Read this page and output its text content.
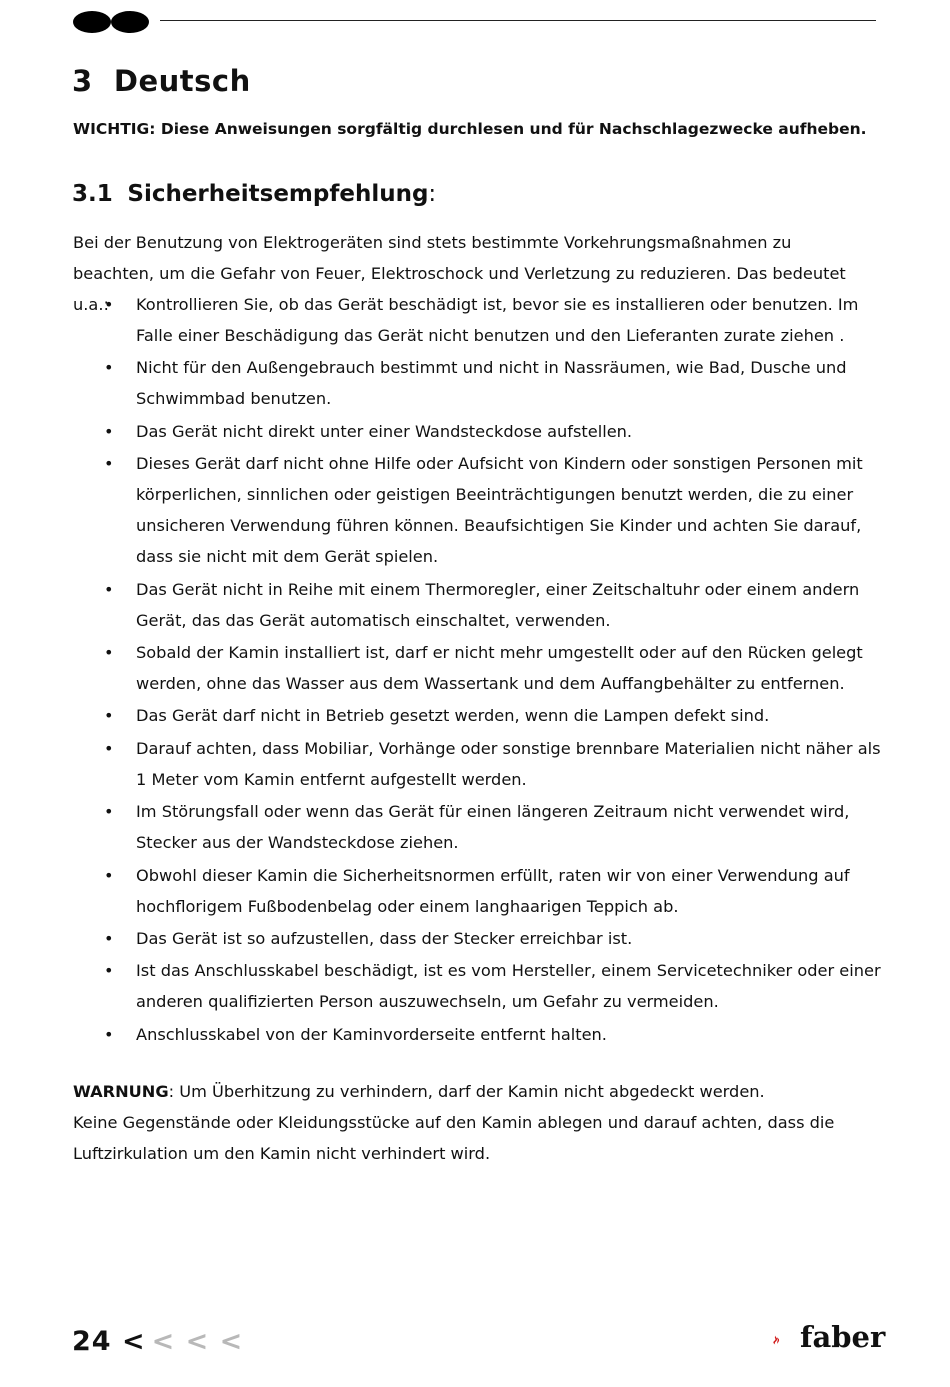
3 Deutsch

WICHTIG: Diese Anweisungen sorgfältig durchlesen und für Nachschlagezwecke aufheben.

3.1 Sicherheitsempfehlung:

Bei der Benutzung von Elektrogeräten sind stets bestimmte Vorkehrungsmaßnahmen zu beachten, um die Gefahr von Feuer, Elektroschock und Verletzung zu reduzieren. Das bedeutet u.a.:

•	Kontrollieren Sie, ob das Gerät beschädigt ist, bevor sie es installieren oder benutzen. Im Falle einer Beschädigung das Gerät nicht benutzen und den Lieferanten zurate ziehen .
• Nicht für den Außengebrauch bestimmt und nicht in Nassräumen, wie Bad, Dusche und Schwimmbad benutzen.
• Das Gerät nicht direkt unter einer Wandsteckdose aufstellen.
• Dieses Gerät darf nicht ohne Hilfe oder Aufsicht von Kindern oder sonstigen Personen mit körperlichen, sinnlichen oder geistigen Beeinträchtigungen benutzt werden, die zu einer unsicheren Verwendung führen können. Beaufsichtigen Sie Kinder und achten Sie darauf, dass sie nicht mit dem Gerät spielen.
• Das Gerät nicht in Reihe mit einem Thermoregler, einer Zeitschaltuhr oder einem andern Gerät, das das Gerät automatisch einschaltet, verwenden.
• Sobald der Kamin installiert ist, darf er nicht mehr umgestellt oder auf den Rücken gelegt werden, ohne das Wasser aus dem Wassertank und dem Auffangbehälter zu entfernen.
• Das Gerät darf nicht in Betrieb gesetzt werden, wenn die Lampen defekt sind.
• Darauf achten, dass Mobiliar, Vorhänge oder sonstige brennbare Materialien nicht näher als 1 Meter vom Kamin entfernt aufgestellt werden.
• Im Störungsfall oder wenn das Gerät für einen längeren Zeitraum nicht verwendet wird, Stecker aus der Wandsteckdose ziehen.
• Obwohl dieser Kamin die Sicherheitsnormen erfüllt, raten wir von einer Verwendung auf hochflorigem Fußbodenbelag oder einem langhaarigen Teppich ab.
• Das Gerät ist so aufzustellen, dass der Stecker erreichbar ist.
• Ist das Anschlusskabel beschädigt, ist es vom Hersteller, einem Servicetechniker oder einer anderen qualifizierten Person auszuwechseln, um Gefahr zu vermeiden.
• Anschlusskabel von der Kaminvorderseite entfernt halten.
WARNUNG: Um Überhitzung zu verhindern, darf der Kamin nicht abgedeckt werden.
Keine Gegenstände oder Kleidungsstücke auf den Kamin ablegen und darauf achten, dass die Luftzirkulation um den Kamin nicht verhindert wird.
24 < < < <	faber
